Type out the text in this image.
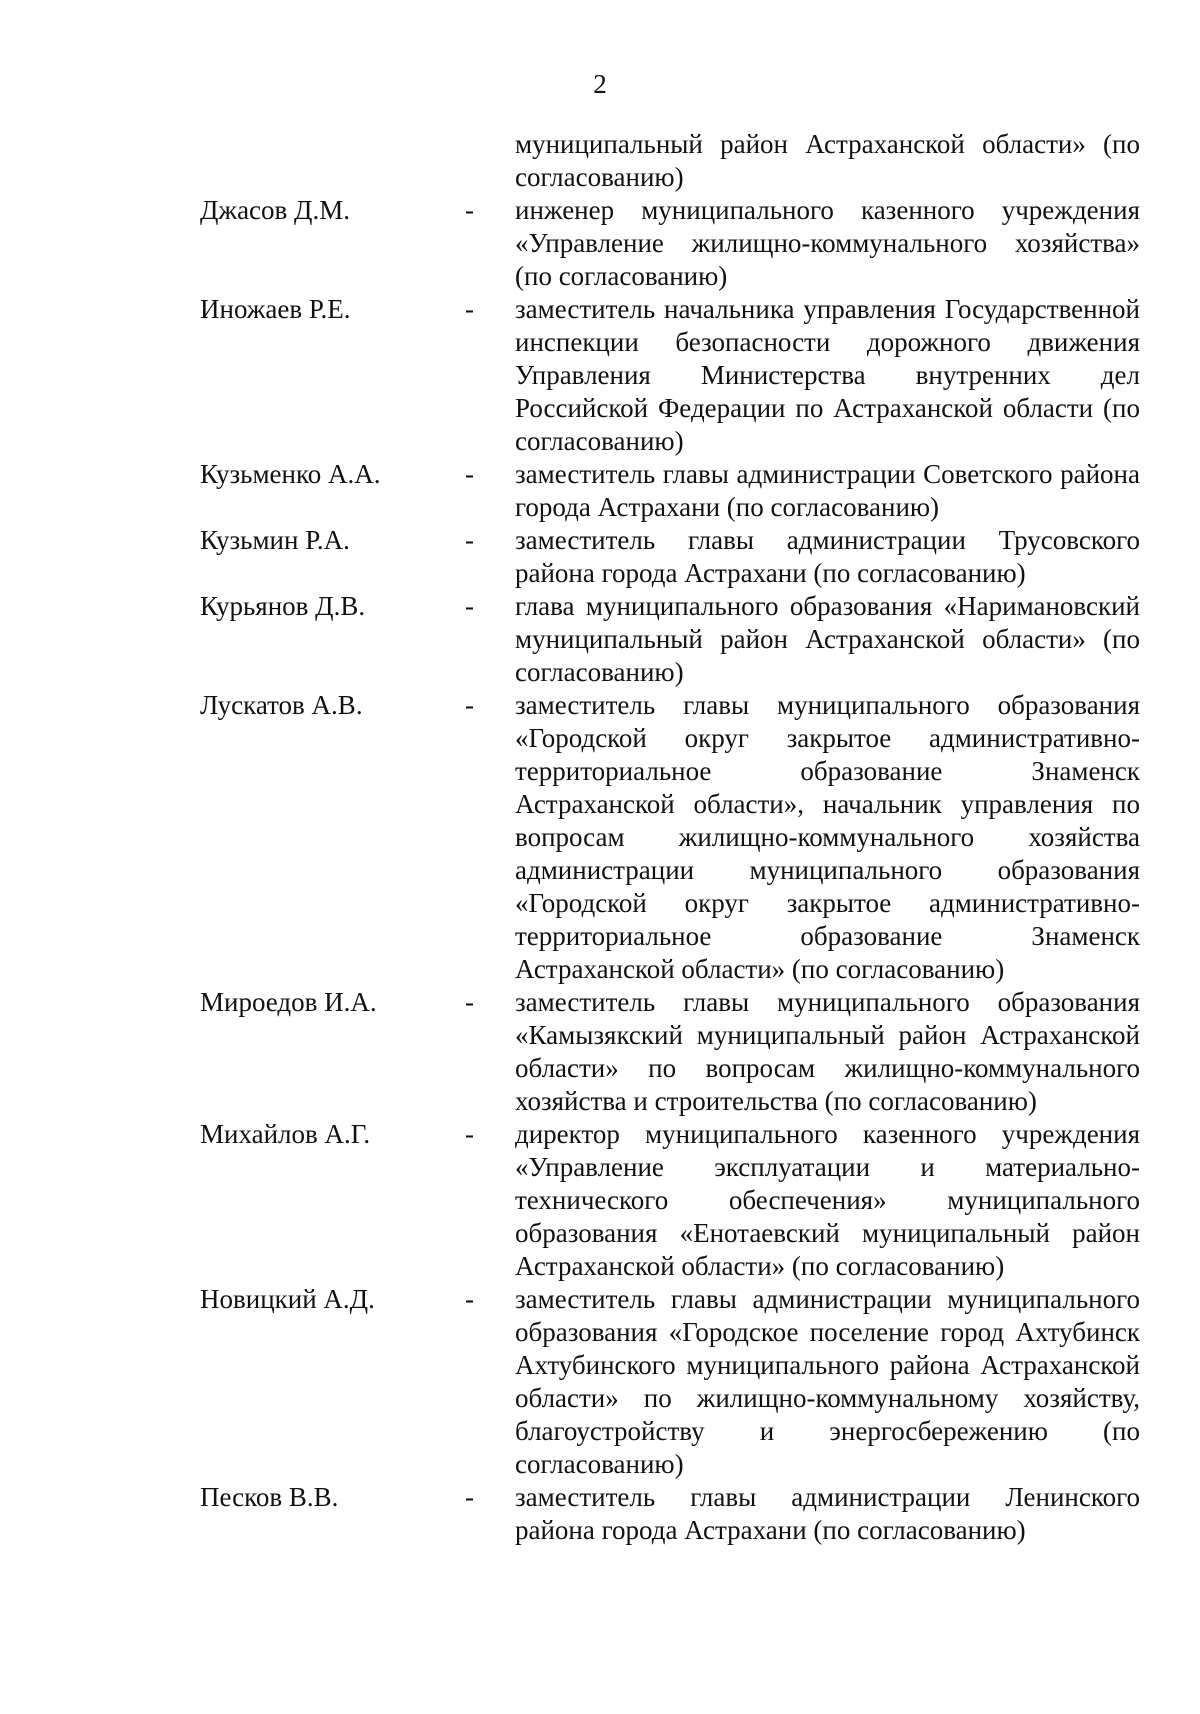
2
муниципальный район Астраханской области» (по согласованию)
Джасов Д.М.	-	инженер муниципального казенного учреждения «Управление жилищно-коммунального хозяйства» (по согласованию)
Иножаев Р.Е.	-	заместитель начальника управления Государственной инспекции безопасности дорожного движения Управления Министерства внутренних дел Российской Федерации по Астраханской области (по согласованию)
Кузьменко А.А.	-	заместитель главы администрации Советского района города Астрахани (по согласованию)
Кузьмин Р.А.	-	заместитель главы администрации Трусовского района города Астрахани (по согласованию)
Курьянов Д.В.	-	глава муниципального образования «Наримановский муниципальный район Астраханской области» (по согласованию)
Лускатов А.В.	-	заместитель главы муниципального образования «Городской округ закрытое административно-территориальное образование Знаменск Астраханской области», начальник управления по вопросам жилищно-коммунального хозяйства администрации муниципального образования «Городской округ закрытое административно-территориальное образование Знаменск Астраханской области» (по согласованию)
Мироедов И.А.	-	заместитель главы муниципального образования «Камызякский муниципальный район Астраханской области» по вопросам жилищно-коммунального хозяйства и строительства (по согласованию)
Михайлов А.Г.	-	директор муниципального казенного учреждения «Управление эксплуатации и материально-технического обеспечения» муниципального образования «Енотаевский муниципальный район Астраханской области» (по согласованию)
Новицкий А.Д.	-	заместитель главы администрации муниципального образования «Городское поселение город Ахтубинск Ахтубинского муниципального района Астраханской области» по жилищно-коммунальному хозяйству, благоустройству и энергосбережению (по согласованию)
Песков В.В.	-	заместитель главы администрации Ленинского района города Астрахани (по согласованию)
